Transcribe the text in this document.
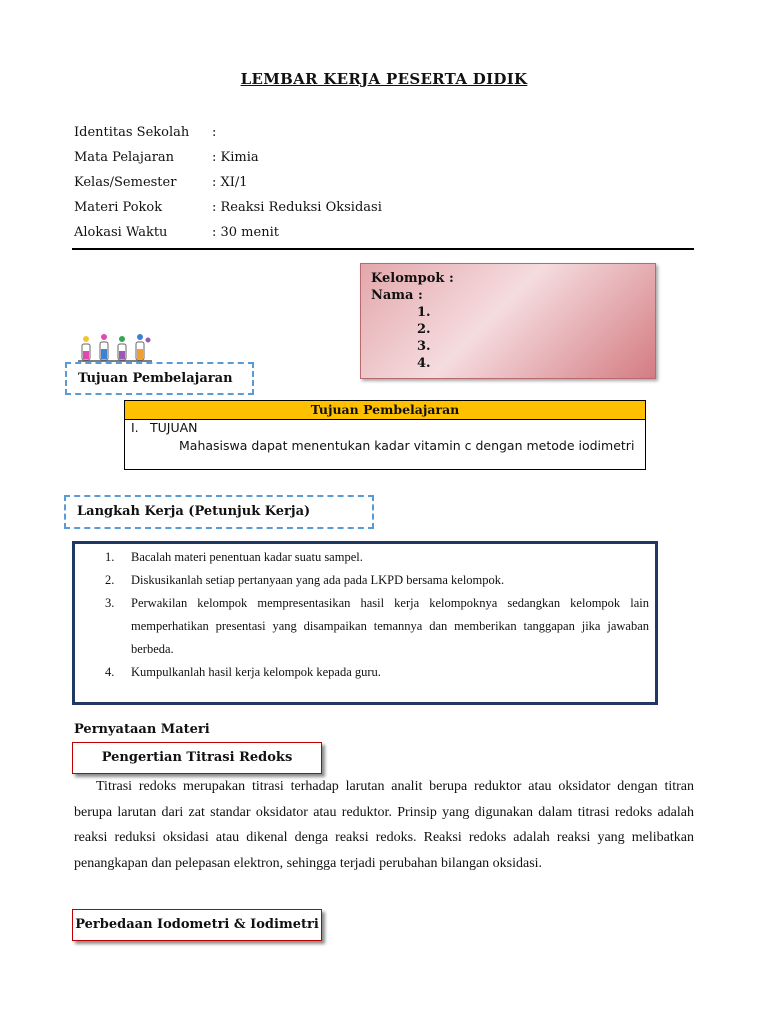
LEMBAR KERJA PESERTA DIDIK
Identitas Sekolah :
Mata Pelajaran	: Kimia
Kelas/Semester	: XI/1
Materi Pokok	: Reaksi Reduksi Oksidasi
Alokasi Waktu	: 30 menit
Kelompok :
Nama :
1.
2.
3.
4.
Tujuan Pembelajaran
Tujuan Pembelajaran
I. TUJUAN
Mahasiswa dapat menentukan kadar vitamin c dengan metode iodimetri
Langkah Kerja (Petunjuk Kerja)
1. Bacalah materi penentuan kadar suatu sampel.
2. Diskusikanlah setiap pertanyaan yang ada pada LKPD bersama kelompok.
3. Perwakilan kelompok mempresentasikan hasil kerja kelompoknya sedangkan kelompok lain memperhatikan presentasi yang disampaikan temannya dan memberikan tanggapan jika jawaban berbeda.
4. Kumpulkanlah hasil kerja kelompok kepada guru.
Pernyataan Materi
Pengertian Titrasi Redoks
Titrasi redoks merupakan titrasi terhadap larutan analit berupa reduktor atau oksidator dengan titran berupa larutan dari zat standar oksidator atau reduktor. Prinsip yang digunakan dalam titrasi redoks adalah reaksi reduksi oksidasi atau dikenal denga reaksi redoks. Reaksi redoks adalah reaksi yang melibatkan penangkapan dan pelepasan elektron, sehingga terjadi perubahan bilangan oksidasi.
Perbedaan Iodometri & Iodimetri
